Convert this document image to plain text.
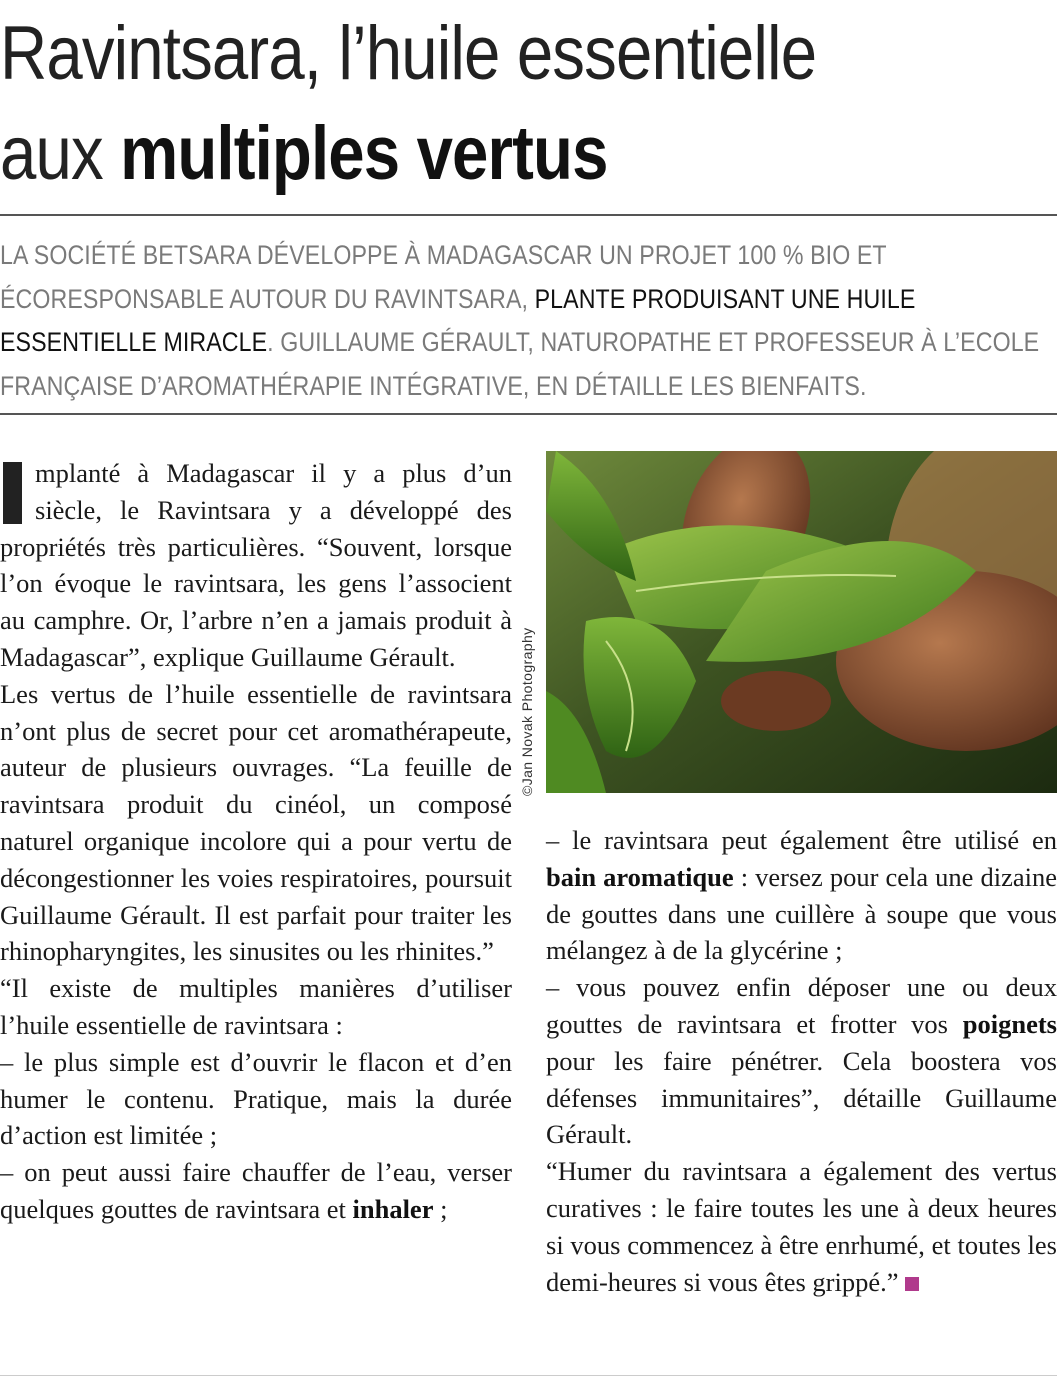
Ravintsara, l’huile essentielle
aux multiples vertus
LA SOCIÉTÉ BETSARA DÉVELOPPE À MADAGASCAR UN PROJET 100 % BIO ET ÉCORESPONSABLE AUTOUR DU RAVINTSARA, PLANTE PRODUISANT UNE HUILE ESSENTIELLE MIRACLE. GUILLAUME GÉRAULT, NATUROPATHE ET PROFESSEUR À L’ECOLE FRANÇAISE D’AROMATHÉRAPIE INTÉGRATIVE, EN DÉTAILLE LES BIENFAITS.

mplanté à Madagascar il y a plus d’un siècle, le Ravintsara y a développé des propriétés très particulières. “Souvent, lorsque l’on évoque le ravintsara, les gens l’associent au camphre. Or, l’arbre n’en a jamais produit à Madagascar”, explique Guillaume Gérault.

Les vertus de l’huile essentielle de ravintsara n’ont plus de secret pour cet aromathérapeute, auteur de plusieurs ouvrages. “La feuille de ravintsara produit du cinéol, un composé naturel organique incolore qui a pour vertu de décongestionner les voies respiratoires, poursuit Guillaume Gérault. Il est parfait pour traiter les rhinopharyngites, les sinusites ou les rhinites.”

“Il existe de multiples manières d’utiliser l’huile essentielle de ravintsara :

– le plus simple est d’ouvrir le flacon et d’en humer le contenu. Pratique, mais la durée d’action est limitée ;

– on peut aussi faire chauffer de l’eau, verser quelques gouttes de ravintsara et inhaler ;

©Jan Novak Photography

– le ravintsara peut également être utilisé en bain aromatique : versez pour cela une dizaine de gouttes dans une cuillère à soupe que vous mélangez à de la glycérine ;

– vous pouvez enfin déposer une ou deux gouttes de ravintsara et frotter vos poignets pour les faire pénétrer. Cela boostera vos défenses immunitaires”, détaille Guillaume Gérault.

“Humer du ravintsara a également des vertus curatives : le faire toutes les une à deux heures si vous commencez à être enrhumé, et toutes les demi-heures si vous êtes grippé.”
